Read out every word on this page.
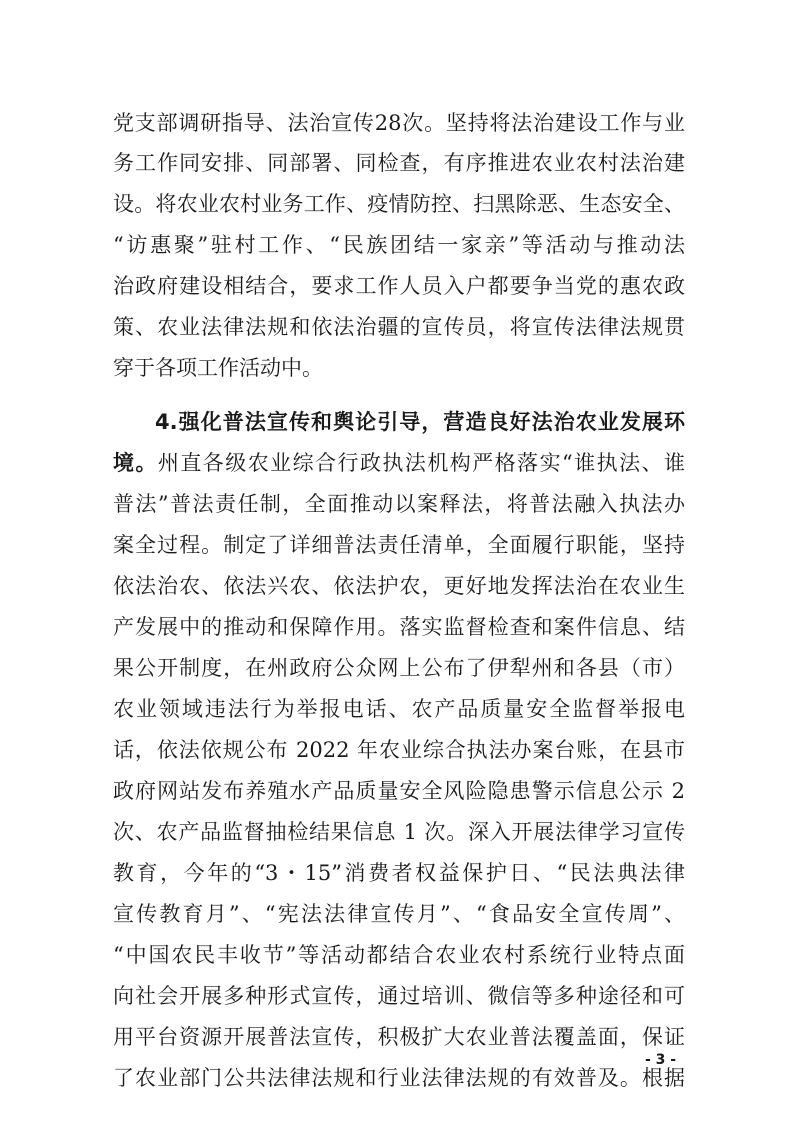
党支部调研指导、法治宣传28次。坚持将法治建设工作与业

务工作同安排、同部署、同检查，有序推进农业农村法治建

设。将农业农村业务工作、疫情防控、扫黑除恶、生态安全、

“访惠聚”驻村工作、“民族团结一家亲”等活动与推动法

治政府建设相结合，要求工作人员入户都要争当党的惠农政

策、农业法律法规和依法治疆的宣传员，将宣传法律法规贯

穿于各项工作活动中。

4.强化普法宣传和舆论引导，营造良好法治农业发展环

境。州直各级农业综合行政执法机构严格落实“谁执法、谁

普法”普法责任制，全面推动以案释法，将普法融入执法办

案全过程。制定了详细普法责任清单，全面履行职能，坚持

依法治农、依法兴农、依法护农，更好地发挥法治在农业生

产发展中的推动和保障作用。落实监督检查和案件信息、结

果公开制度，在州政府公众网上公布了伊犁州和各县（市）

农业领域违法行为举报电话、农产品质量安全监督举报电

话，依法依规公布 2022 年农业综合执法办案台账，在县市

政府网站发布养殖水产品质量安全风险隐患警示信息公示 2

次、农产品监督抽检结果信息 1 次。深入开展法律学习宣传

教育，今年的“3・15”消费者权益保护日、“民法典法律

宣传教育月”、“宪法法律宣传月”、“食品安全宣传周”、

“中国农民丰收节”等活动都结合农业农村系统行业特点面

向社会开展多种形式宣传，通过培训、微信等多种途径和可

用平台资源开展普法宣传，积极扩大农业普法覆盖面，保证

了农业部门公共法律法规和行业法律法规的有效普及。根据

- 3 -
